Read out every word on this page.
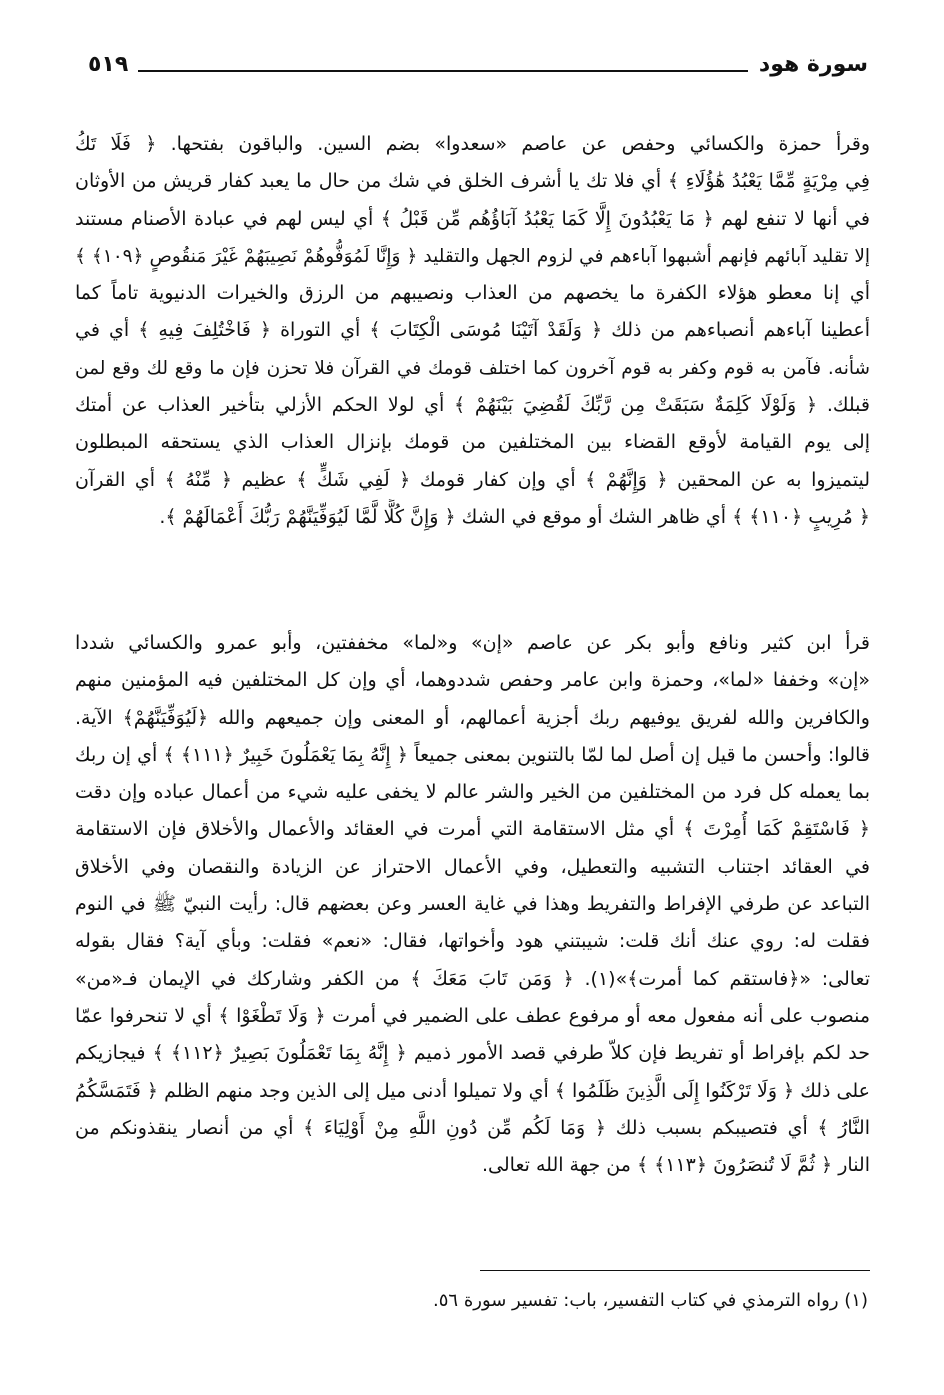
٥١٩	سورة هود
وقرأ حمزة والكسائي وحفص عن عاصم «سعدوا» بضم السين. والباقون بفتحها. ﴿ فَلَا تَكُ
فِي مِرْيَةٍ مِّمَّا يَعْبُدُ هَٰؤُلَاءِ ﴾ أي فلا تك يا أشرف الخلق في شك من حال ما يعبد كفار قريش من الأوثان
في أنها لا تنفع لهم ﴿ مَا يَعْبُدُونَ إِلَّا كَمَا يَعْبُدُ آبَاؤُهُم مِّن قَبْلُ ﴾ أي ليس لهم في عبادة الأصنام مستند
إلا تقليد آبائهم فإنهم أشبهوا آباءهم في لزوم الجهل والتقليد ﴿ وَإِنَّا لَمُوَفُّوهُمْ نَصِيبَهُمْ غَيْرَ مَنقُوصٍ ﴿١٠٩﴾ ﴾
أي إنا معطو هؤلاء الكفرة ما يخصهم من العذاب ونصيبهم من الرزق والخيرات الدنيوية تاماً كما
أعطينا آباءهم أنصباءهم من ذلك ﴿ وَلَقَدْ آتَيْنَا مُوسَى الْكِتَابَ ﴾ أي التوراة ﴿ فَاخْتُلِفَ فِيهِ ﴾ أي في
شأنه. فآمن به قوم وكفر به قوم آخرون كما اختلف قومك في القرآن فلا تحزن فإن ما وقع لك وقع لمن
قبلك. ﴿ وَلَوْلَا كَلِمَةٌ سَبَقَتْ مِن رَّبِّكَ لَقُضِيَ بَيْنَهُمْ ﴾ أي لولا الحكم الأزلي بتأخير العذاب عن أمتك
إلى يوم القيامة لأوقع القضاء بين المختلفين من قومك بإنزال العذاب الذي يستحقه المبطلون
ليتميزوا به عن المحقين ﴿ وَإِنَّهُمْ ﴾ أي وإن كفار قومك ﴿ لَفِي شَكٍّ ﴾ عظيم ﴿ مِّنْهُ ﴾ أي القرآن
﴿ مُرِيبٍ ﴿١١٠﴾ ﴾ أي ظاهر الشك أو موقع في الشك ﴿ وَإِنَّ كُلًّا لَّمَّا لَيُوَفِّيَنَّهُمْ رَبُّكَ أَعْمَالَهُمْ ﴾.
قرأ ابن كثير ونافع وأبو بكر عن عاصم «إن» و«لما» مخففتين، وأبو عمرو والكسائي شددا
«إن» وخففا «لما»، وحمزة وابن عامر وحفص شددوهما، أي وإن كل المختلفين فيه المؤمنين منهم
والكافرين والله لفريق يوفيهم ربك أجزية أعمالهم، أو المعنى وإن جميعهم والله ﴿لَيُوَفِّيَنَّهُمْ﴾ الآية.
قالوا: وأحسن ما قيل إن أصل لما لمّا بالتنوين بمعنى جميعاً ﴿ إِنَّهُ بِمَا يَعْمَلُونَ خَبِيرٌ ﴿١١١﴾ ﴾ أي إن ربك
بما يعمله كل فرد من المختلفين من الخير والشر عالم لا يخفى عليه شيء من أعمال عباده وإن دقت
﴿ فَاسْتَقِمْ كَمَا أُمِرْتَ ﴾ أي مثل الاستقامة التي أمرت في العقائد والأعمال والأخلاق فإن الاستقامة
في العقائد اجتناب التشبيه والتعطيل، وفي الأعمال الاحتراز عن الزيادة والنقصان وفي الأخلاق
التباعد عن طرفي الإفراط والتفريط وهذا في غاية العسر وعن بعضهم قال: رأيت النبيّ ﷺ في النوم
فقلت له: روي عنك أنك قلت: شيبتني هود وأخواتها، فقال: «نعم» فقلت: وبأي آية؟ فقال بقوله
تعالى: «﴿فاستقم كما أمرت﴾»(١). ﴿ وَمَن تَابَ مَعَكَ ﴾ من الكفر وشاركك في الإيمان فـ«من»
منصوب على أنه مفعول معه أو مرفوع عطف على الضمير في أمرت ﴿ وَلَا تَطْغَوْا ﴾ أي لا تنحرفوا عمّا
حد لكم بإفراط أو تفريط فإن كلاّ طرفي قصد الأمور ذميم ﴿ إِنَّهُ بِمَا تَعْمَلُونَ بَصِيرٌ ﴿١١٢﴾ ﴾ فيجازيكم
على ذلك ﴿ وَلَا تَرْكَنُوا إِلَى الَّذِينَ ظَلَمُوا ﴾ أي ولا تميلوا أدنى ميل إلى الذين وجد منهم الظلم ﴿ فَتَمَسَّكُمُ
النَّارُ ﴾ أي فتصيبكم بسبب ذلك ﴿ وَمَا لَكُم مِّن دُونِ اللَّهِ مِنْ أَوْلِيَاءَ ﴾ أي من أنصار ينقذونكم من
النار ﴿ ثُمَّ لَا تُنصَرُونَ ﴿١١٣﴾ ﴾ من جهة الله تعالى.
(١) رواه الترمذي في كتاب التفسير، باب: تفسير سورة ٥٦.
